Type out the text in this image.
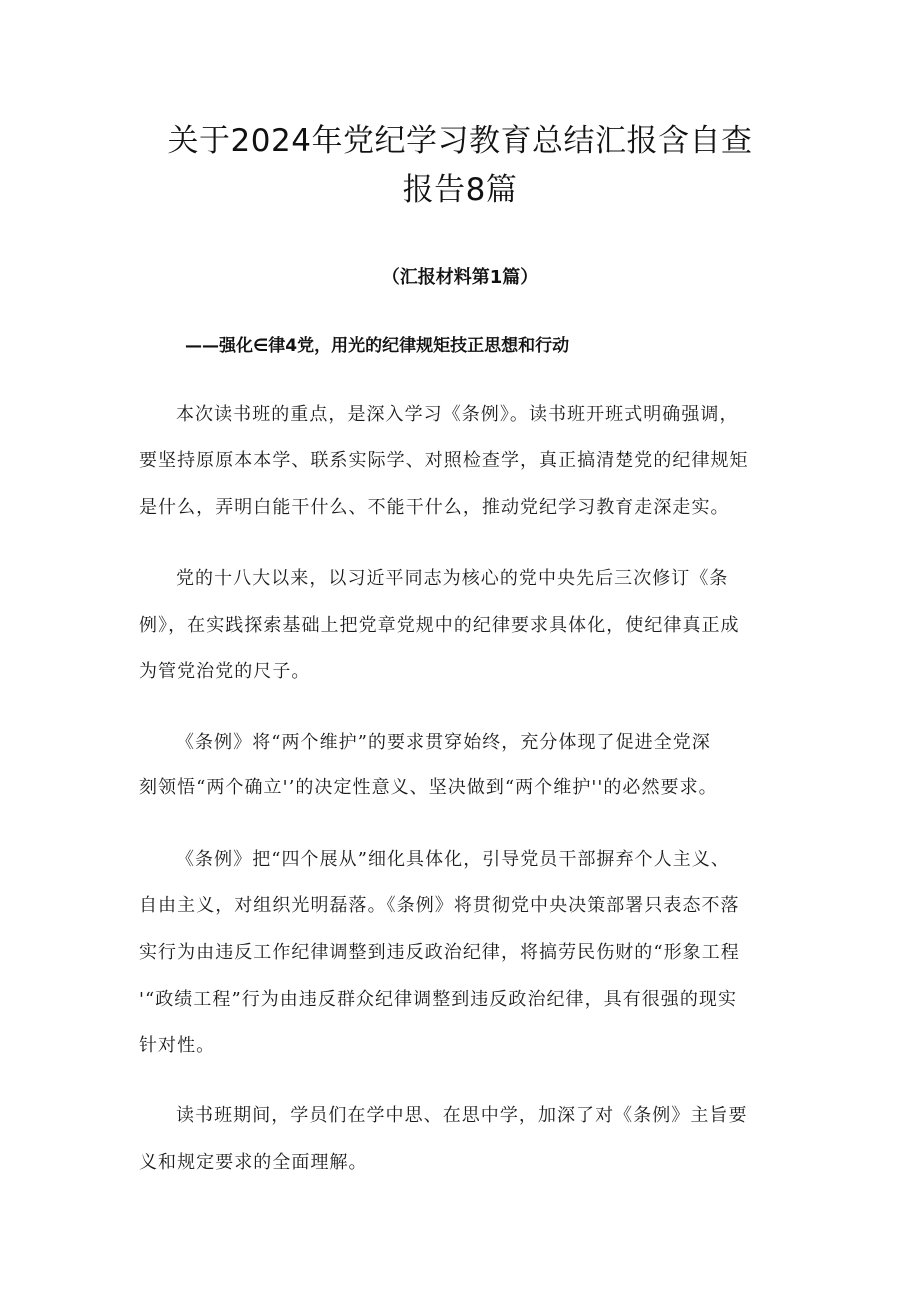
关于2024年党纪学习教育总结汇报含自查
报告8篇
（汇报材料第1篇）
——强化∈律4党，用光的纪律规矩技正思想和行动
本次读书班的重点，是深入学习《条例》。读书班开班式明确强调，
要坚持原原本本学、联系实际学、对照检查学，真正搞清楚党的纪律规矩
是什么，弄明白能干什么、不能干什么，推动党纪学习教育走深走实。
党的十八大以来，以习近平同志为核心的党中央先后三次修订《条
例》，在实践探索基础上把党章党规中的纪律要求具体化，使纪律真正成
为管党治党的尺子。
《条例》将“两个维护”的要求贯穿始终，充分体现了促进全党深
刻领悟“两个确立'’的决定性意义、坚决做到“两个维护''的必然要求。
《条例》把“四个展从”细化具体化，引导党员干部摒弃个人主义、
自由主义，对组织光明磊落。《条例》将贯彻党中央决策部署只表态不落
实行为由违反工作纪律调整到违反政治纪律，将搞劳民伤财的“形象工程
'“政绩工程”行为由违反群众纪律调整到违反政治纪律，具有很强的现实
针对性。
读书班期间，学员们在学中思、在思中学，加深了对《条例》主旨要
义和规定要求的全面理解。
